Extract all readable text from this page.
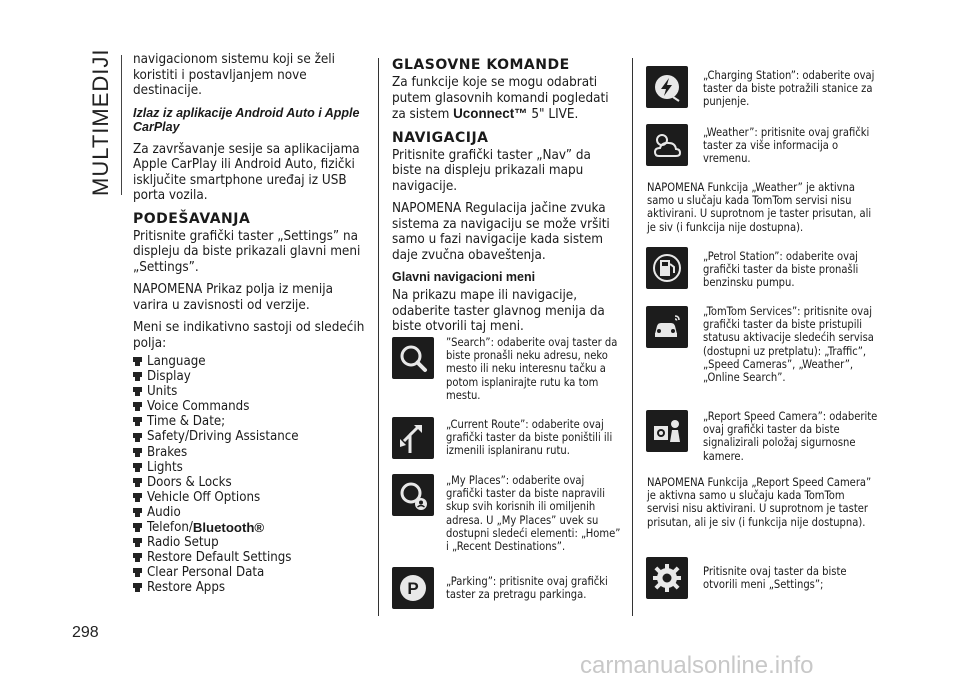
MULTIMEDIJI
298

navigacionom sistemu koji se želi koristiti i postavljanjem nove destinacije.

Izlaz iz aplikacije Android Auto i Apple CarPlay

Za završavanje sesije sa aplikacijama Apple CarPlay ili Android Auto, fizički isključite smartphone uređaj iz USB porta vozila.

PODEŠAVANJA

Pritisnite grafički taster „Settings” na displeju da biste prikazali glavni meni „Settings”.

NAPOMENA Prikaz polja iz menija varira u zavisnosti od verzije.

Meni se indikativno sastoji od sledećih polja:

Language
Display
Units
Voice Commands
Time & Date;
Safety/Driving Assistance
Brakes
Lights
Doors & Locks
Vehicle Off Options
Audio
Telefon/ Bluetooth®
Radio Setup
Restore Default Settings
Clear Personal Data
Restore Apps

GLASOVNE KOMANDE

Za funkcije koje se mogu odabrati putem glasovnih komandi pogledati za sistem Uconnect™ 5" LIVE.

NAVIGACIJA

Pritisnite grafički taster „Nav” da biste na displeju prikazali mapu navigacije.

NAPOMENA Regulacija jačine zvuka sistema za navigaciju se može vršiti samo u fazi navigacije kada sistem daje zvučna obaveštenja.

Glavni navigacioni meni

Na prikazu mape ili navigacije, odaberite taster glavnog menija da biste otvorili taj meni.

”Search”: odaberite ovaj taster da biste pronašli neku adresu, neko mesto ili neku interesnu tačku a potom isplanirajte rutu ka tom mestu.

„Current Route”: odaberite ovaj grafički taster da biste poništili ili izmenili isplaniranu rutu.

„My Places”: odaberite ovaj grafički taster da biste napravili skup svih korisnih ili omiljenih adresa. U „My Places” uvek su dostupni sledeći elementi: „Home” i „Recent Destinations”.

P „Parking”: pritisnite ovaj grafički taster za pretragu parkinga.

„Charging Station”: odaberite ovaj taster da biste potražili stanice za punjenje.

„Weather”: pritisnite ovaj grafički taster za više informacija o vremenu.

NAPOMENA Funkcija „Weather” je aktivna samo u slučaju kada TomTom servisi nisu aktivirani. U suprotnom je taster prisutan, ali je siv (i funkcija nije dostupna).

„Petrol Station”: odaberite ovaj grafički taster da biste pronašli benzinsku pumpu.

„TomTom Services”: pritisnite ovaj grafički taster da biste pristupili statusu aktivacije sledećih servisa (dostupni uz pretplatu): „Traffic”, „Speed Cameras”, „Weather”, „Online Search”.

„Report Speed Camera”: odaberite ovaj grafički taster da biste signalizirali položaj sigurnosne kamere.

NAPOMENA Funkcija „Report Speed Camera” je aktivna samo u slučaju kada TomTom servisi nisu aktivirani. U suprotnom je taster prisutan, ali je siv (i funkcija nije dostupna).

Pritisnite ovaj taster da biste otvorili meni „Settings”;

carmanualsonline.info
